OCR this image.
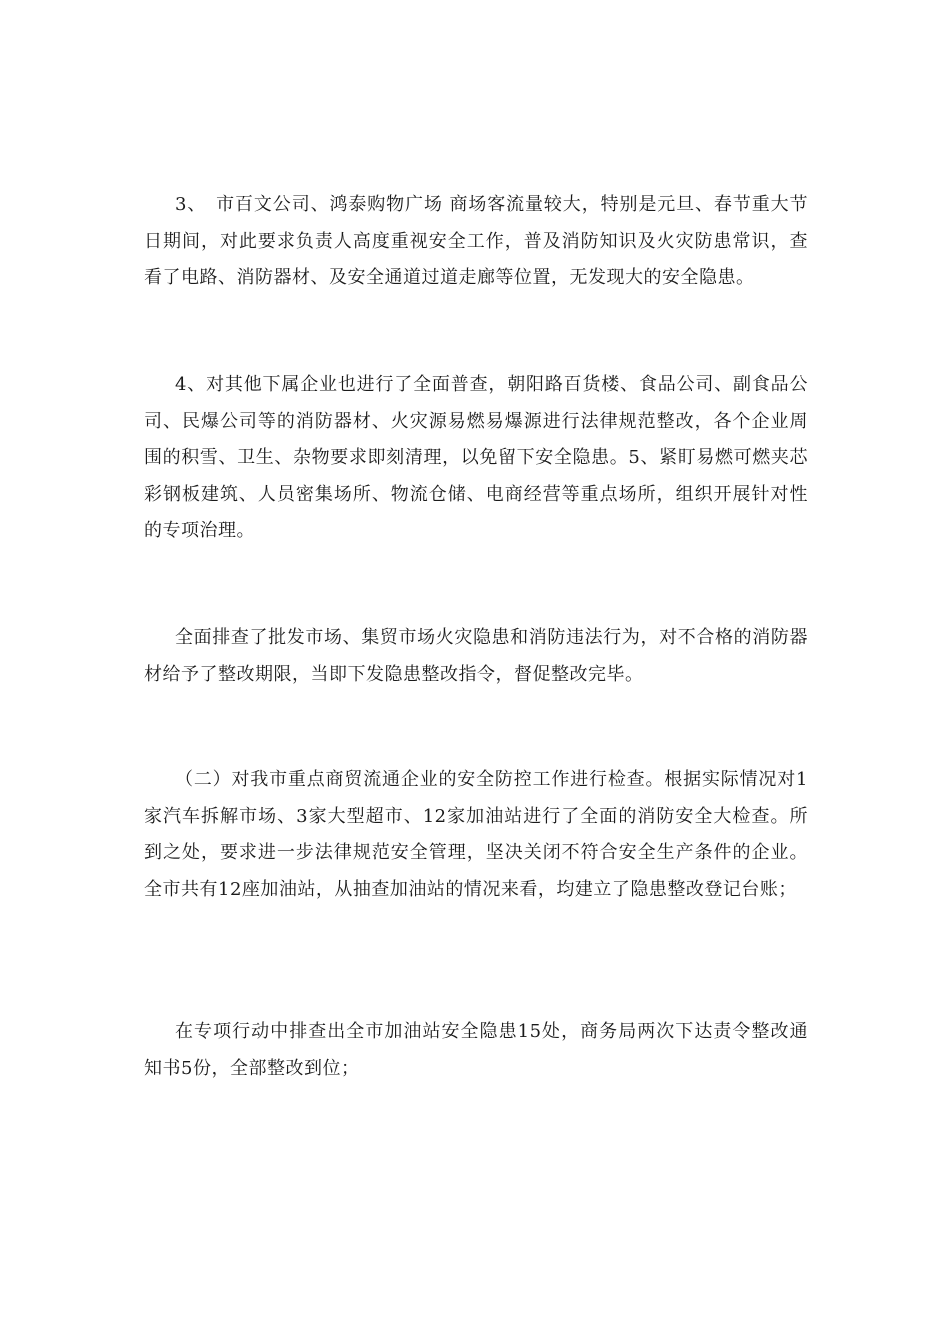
3、　市百文公司、鸿泰购物广场 商场客流量较大，特别是元旦、春节重大节日期间，对此要求负责人高度重视安全工作，普及消防知识及火灾防患常识，查看了电路、消防器材、及安全通道过道走廊等位置，无发现大的安全隐患。

4、对其他下属企业也进行了全面普查，朝阳路百货楼、食品公司、副食品公司、民爆公司等的消防器材、火灾源易燃易爆源进行法律规范整改，各个企业周围的积雪、卫生、杂物要求即刻清理，以免留下安全隐患。5、紧盯易燃可燃夹芯彩钢板建筑、人员密集场所、物流仓储、电商经营等重点场所，组织开展针对性的专项治理。

全面排查了批发市场、集贸市场火灾隐患和消防违法行为，对不合格的消防器材给予了整改期限，当即下发隐患整改指令，督促整改完毕。

（二）对我市重点商贸流通企业的安全防控工作进行检查。根据实际情况对1家汽车拆解市场、3家大型超市、12家加油站进行了全面的消防安全大检查。所到之处，要求进一步法律规范安全管理，坚决关闭不符合安全生产条件的企业。全市共有12座加油站，从抽查加油站的情况来看，均建立了隐患整改登记台账；

在专项行动中排查出全市加油站安全隐患15处，商务局两次下达责令整改通知书5份，全部整改到位；
